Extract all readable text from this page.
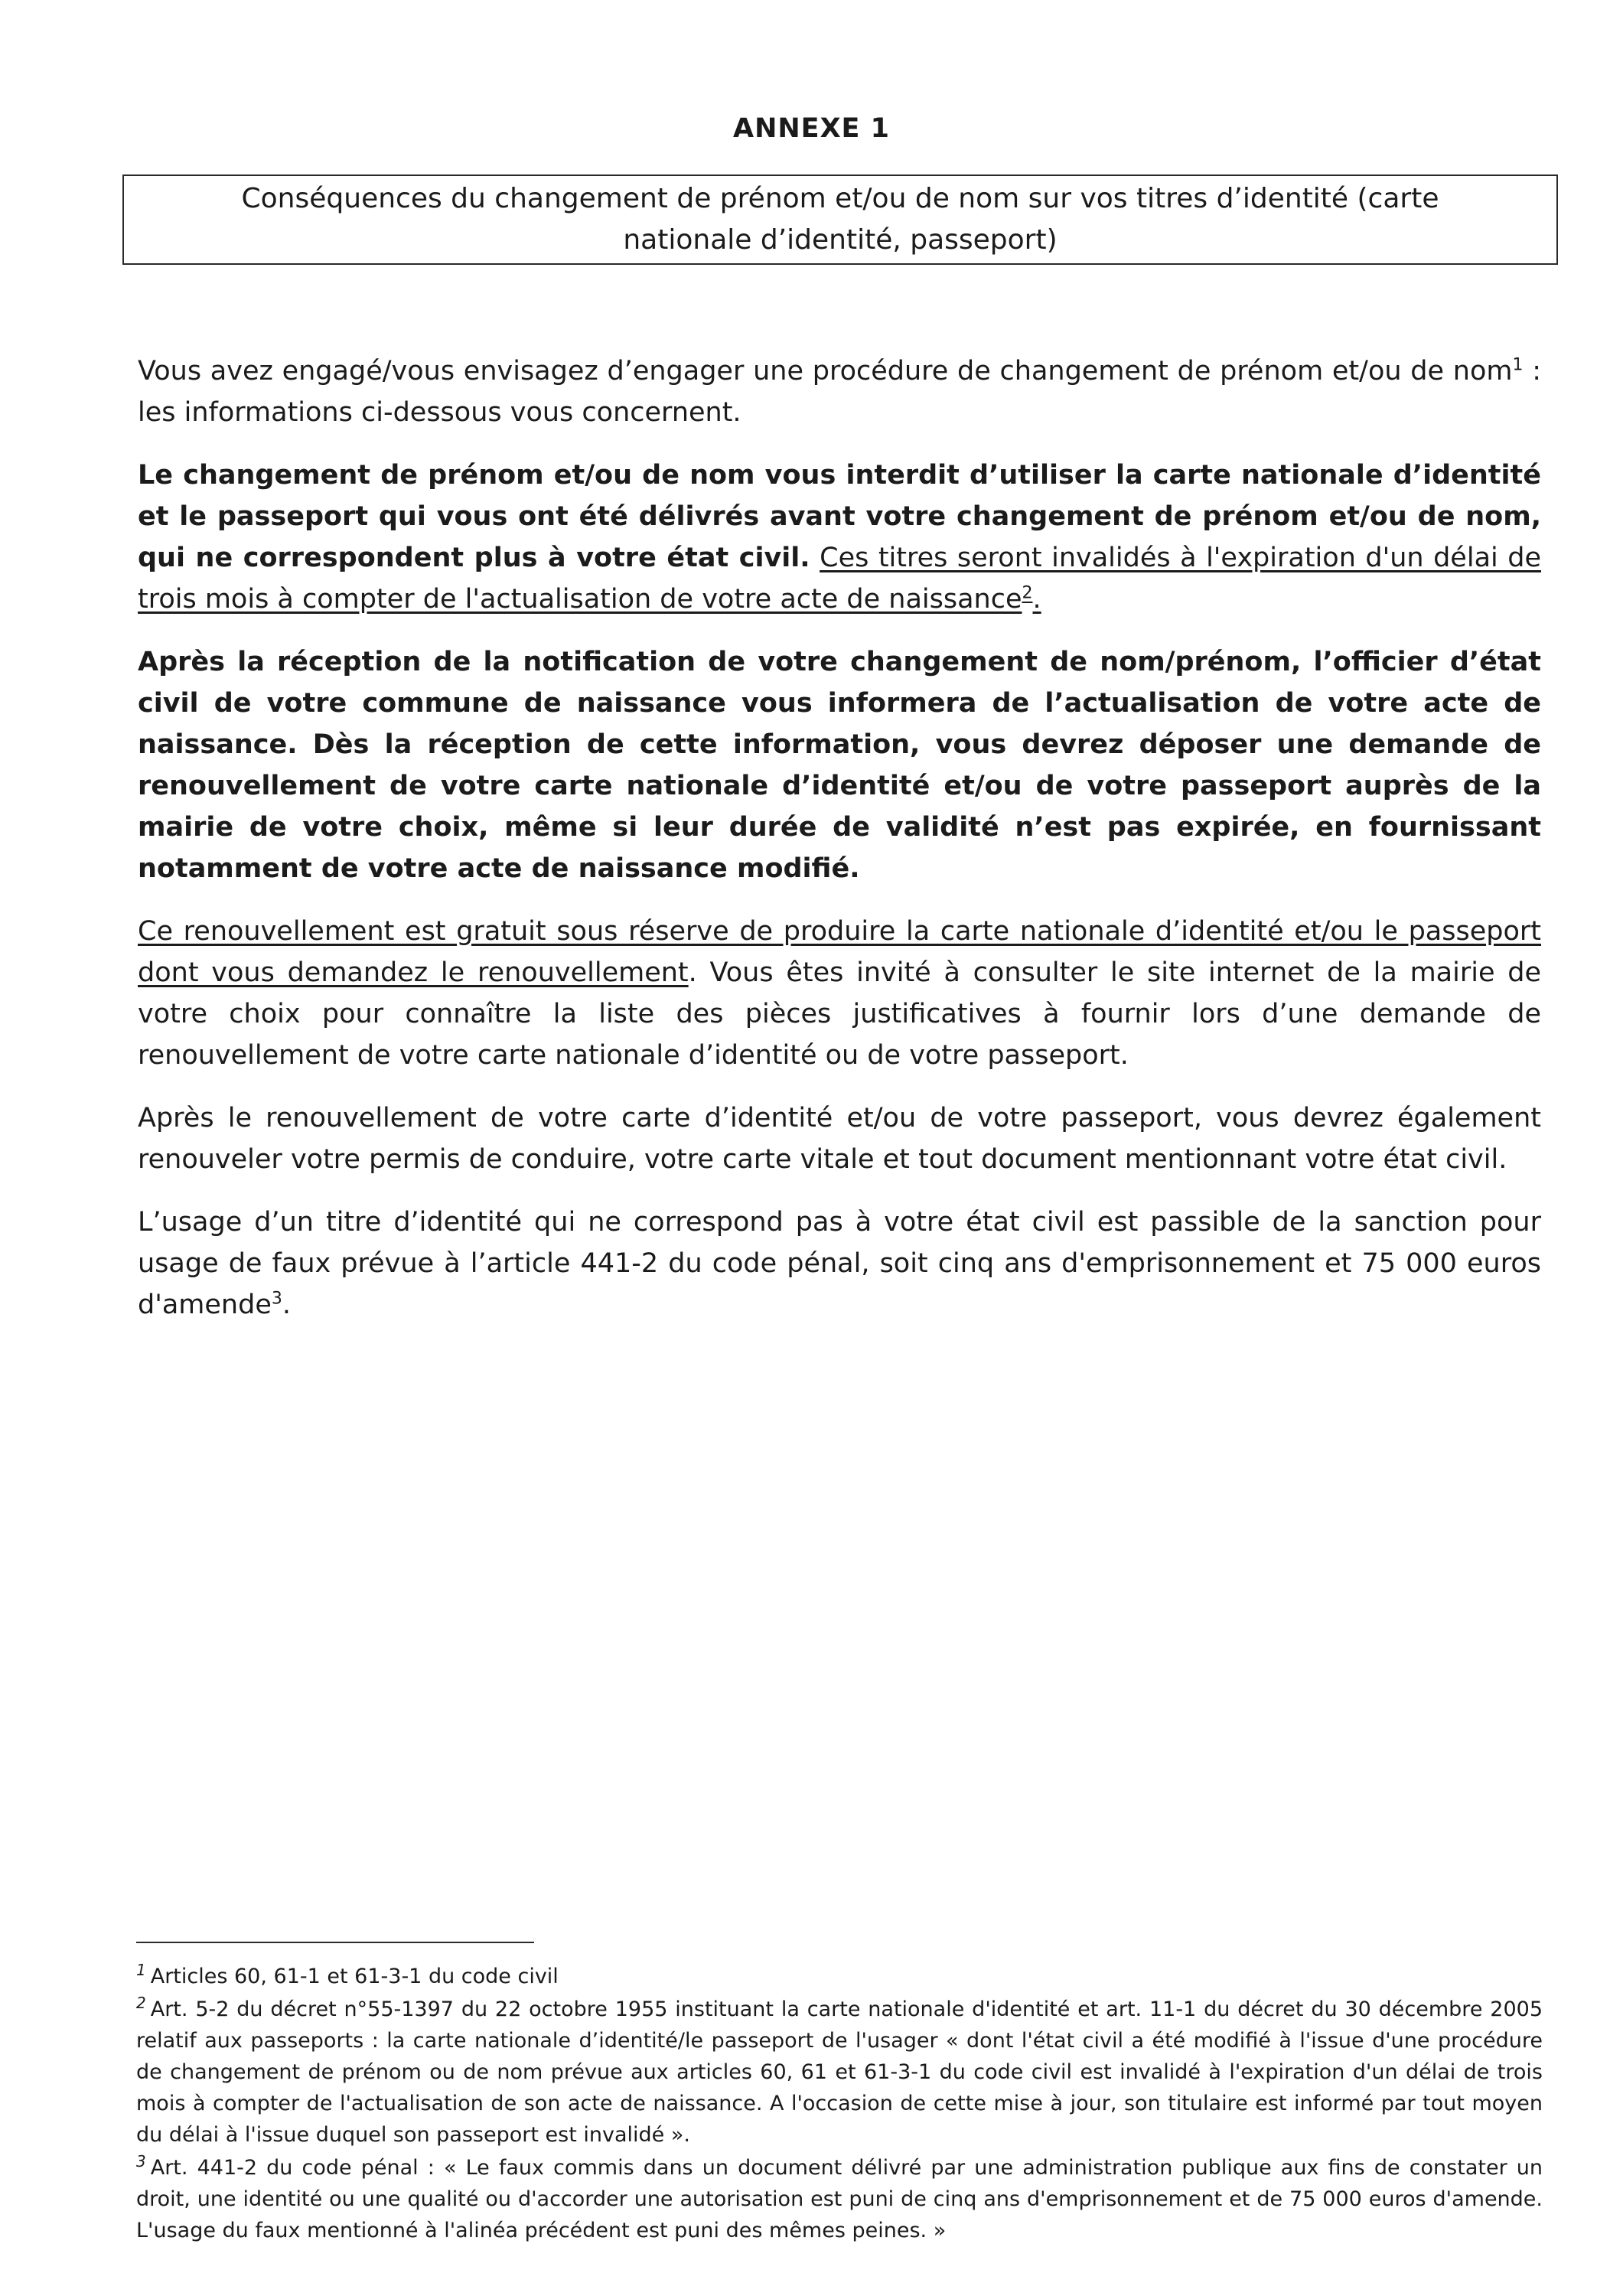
ANNEXE 1
Conséquences du changement de prénom et/ou de nom sur vos titres d’identité (carte nationale d’identité, passeport)

Vous avez engagé/vous envisagez d’engager une procédure de changement de prénom et/ou de nom$^1$ : les informations ci-dessous vous concernent.

Le changement de prénom et/ou de nom vous interdit d’utiliser la carte nationale d’identité et le passeport qui vous ont été délivrés avant votre changement de prénom et/ou de nom, qui ne correspondent plus à votre état civil. Ces titres seront invalidés à l'expiration d'un délai de trois mois à compter de l'actualisation de votre acte de naissance$^2$.

Après la réception de la notification de votre changement de nom/prénom, l’officier d’état civil de votre commune de naissance vous informera de l’actualisation de votre acte de naissance. Dès la réception de cette information, vous devrez déposer une demande de renouvellement de votre carte nationale d’identité et/ou de votre passeport auprès de la mairie de votre choix, même si leur durée de validité n’est pas expirée, en fournissant notamment de votre acte de naissance modifié.

Ce renouvellement est gratuit sous réserve de produire la carte nationale d’identité et/ou le passeport dont vous demandez le renouvellement. Vous êtes invité à consulter le site internet de la mairie de votre choix pour connaître la liste des pièces justificatives à fournir lors d’une demande de renouvellement de votre carte nationale d’identité ou de votre passeport.

Après le renouvellement de votre carte d’identité et/ou de votre passeport, vous devrez également renouveler votre permis de conduire, votre carte vitale et tout document mentionnant votre état civil.

L’usage d’un titre d’identité qui ne correspond pas à votre état civil est passible de la sanction pour usage de faux prévue à l’article 441-2 du code pénal, soit cinq ans d'emprisonnement et 75 000 euros d'amende$^3$.

$^1$ Articles 60, 61-1 et 61-3-1 du code civil

$^2$ Art. 5-2 du décret n°55-1397 du 22 octobre 1955 instituant la carte nationale d'identité et art. 11-1 du décret du 30 décembre 2005 relatif aux passeports : la carte nationale d’identité/le passeport de l'usager « dont l'état civil a été modifié à l'issue d'une procédure de changement de prénom ou de nom prévue aux articles 60, 61 et 61-3-1 du code civil est invalidé à l'expiration d'un délai de trois mois à compter de l'actualisation de son acte de naissance. A l'occasion de cette mise à jour, son titulaire est informé par tout moyen du délai à l'issue duquel son passeport est invalidé ».

$^3$ Art. 441-2 du code pénal : « Le faux commis dans un document délivré par une administration publique aux fins de constater un droit, une identité ou une qualité ou d'accorder une autorisation est puni de cinq ans d'emprisonnement et de 75 000 euros d'amende. L'usage du faux mentionné à l'alinéa précédent est puni des mêmes peines. »
